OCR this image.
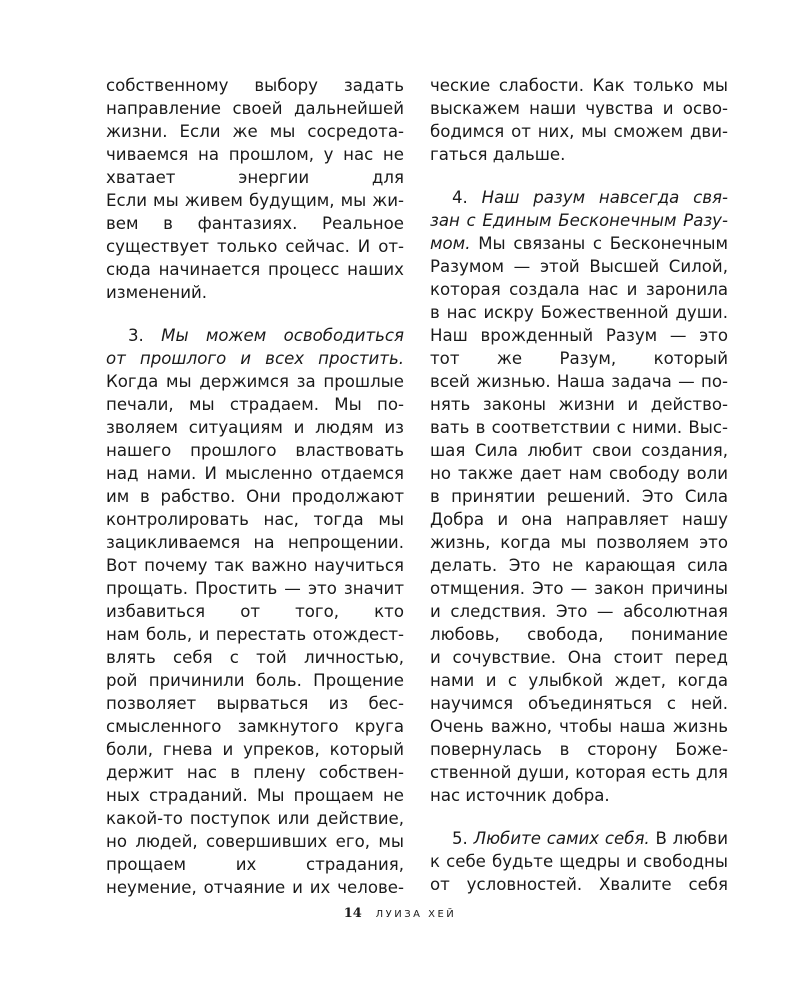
собственному выбору задать
направление своей дальнейшей
жизни. Если же мы сосредота-
чиваемся на прошлом, у нас не
хватает энергии для
Если мы живем будущим, мы жи-
вем в фантазиях. Реальное
существует только сейчас. И от-
сюда начинается процесс наших
изменений.
3. Мы можем освободиться
от прошлого и всех простить.
Когда мы держимся за прошлые
печали, мы страдаем. Мы по-
зволяем ситуациям и людям из
нашего прошлого властвовать
над нами. И мысленно отдаемся
им в рабство. Они продолжают
контролировать нас, тогда мы
зацикливаемся на непрощении.
Вот почему так важно научиться
прощать. Простить — это значит
избавиться от того, кто
нам боль, и перестать отождест-
влять себя с той личностью,
рой причинили боль. Прощение
позволяет вырваться из бес-
смысленного замкнутого круга
боли, гнева и упреков, который
держит нас в плену собствен-
ных страданий. Мы прощаем не
какой-то поступок или действие,
но людей, совершивших его, мы
прощаем их страдания,
неумение, отчаяние и их челове-
ческие слабости. Как только мы
выскажем наши чувства и осво-
бодимся от них, мы сможем дви-
гаться дальше.
4. Наш разум навсегда свя-
зан с Единым Бесконечным Разу-
мом. Мы связаны с Бесконечным
Разумом — этой Высшей Силой,
которая создала нас и заронила
в нас искру Божественной души.
Наш врожденный Разум — это
тот же Разум, который
всей жизнью. Наша задача — по-
нять законы жизни и действо-
вать в соответствии с ними. Выс-
шая Сила любит свои создания,
но также дает нам свободу воли
в принятии решений. Это Сила
Добра и она направляет нашу
жизнь, когда мы позволяем это
делать. Это не карающая сила
отмщения. Это — закон причины
и следствия. Это — абсолютная
любовь, свобода, понимание
и сочувствие. Она стоит перед
нами и с улыбкой ждет, когда
научимся объединяться с ней.
Очень важно, чтобы наша жизнь
повернулась в сторону Боже-
ственной души, которая есть для
нас источник добра.
5. Любите самих себя. В любви
к себе будьте щедры и свободны
от условностей. Хвалите себя
14 ЛУИЗА ХЕЙ
